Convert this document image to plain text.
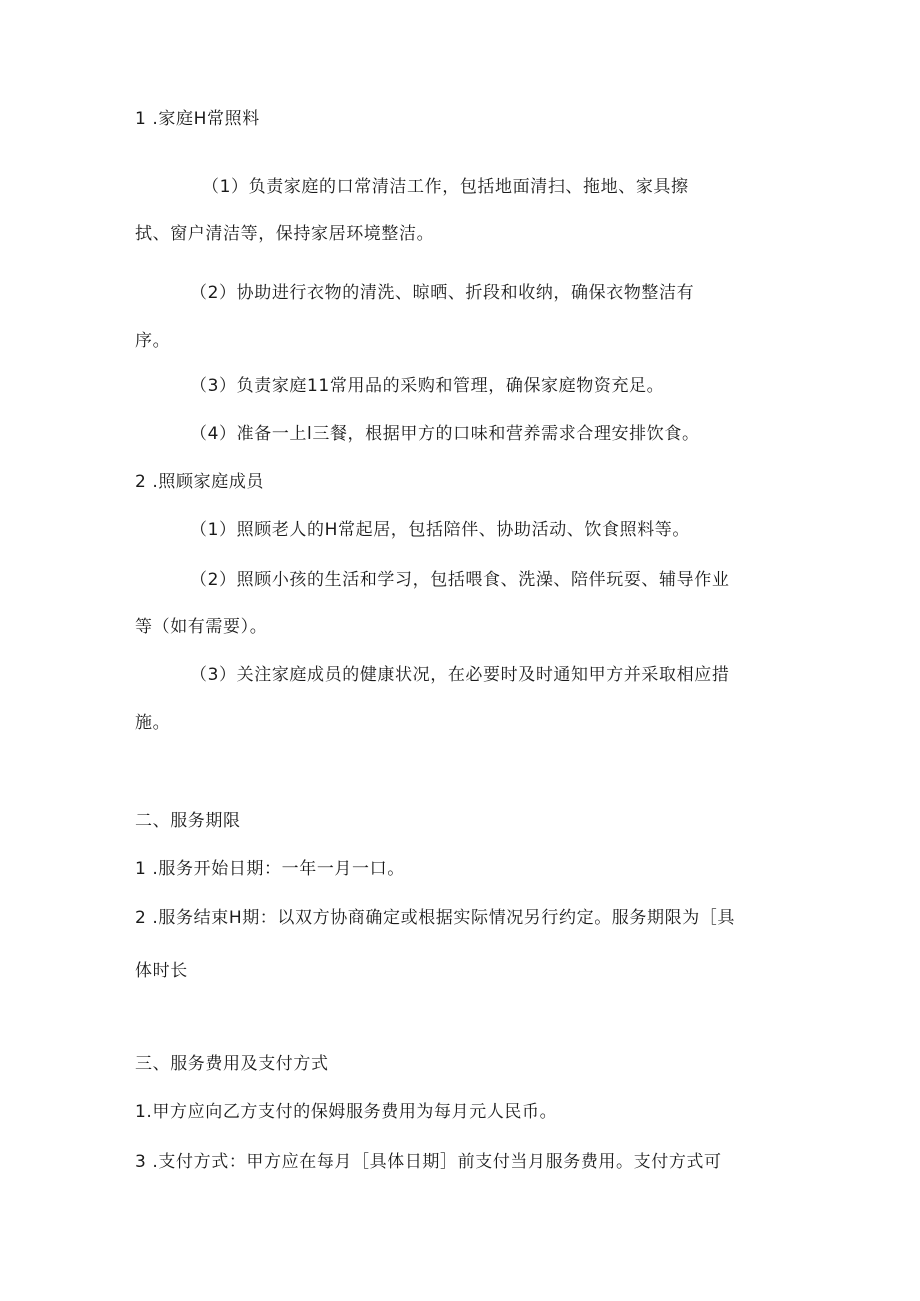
1 .家庭H常照料
（1）负责家庭的口常清洁工作，包括地面清扫、拖地、家具擦
拭、窗户清洁等，保持家居环境整洁。
（2）协助进行衣物的清洗、晾晒、折段和收纳，确保衣物整洁有
序。
（3）负责家庭11常用品的采购和管理，确保家庭物资充足。
（4）准备一上l三餐，根据甲方的口味和营养需求合理安排饮食。
2 .照顾家庭成员
（1）照顾老人的H常起居，包括陪伴、协助活动、饮食照料等。
（2）照顾小孩的生活和学习，包括喂食、洗澡、陪伴玩耍、辅导作业
等（如有需要）。
（3）关注家庭成员的健康状况，在必要时及时通知甲方并采取相应措
施。
二、服务期限
1 .服务开始日期：一年一月一口。
2 .服务结束H期：以双方协商确定或根据实际情况另行约定。服务期限为［具
体时长
三、服务费用及支付方式
1.甲方应向乙方支付的保姆服务费用为每月元人民币。
3 .支付方式：甲方应在每月［具体日期］前支付当月服务费用。支付方式可
